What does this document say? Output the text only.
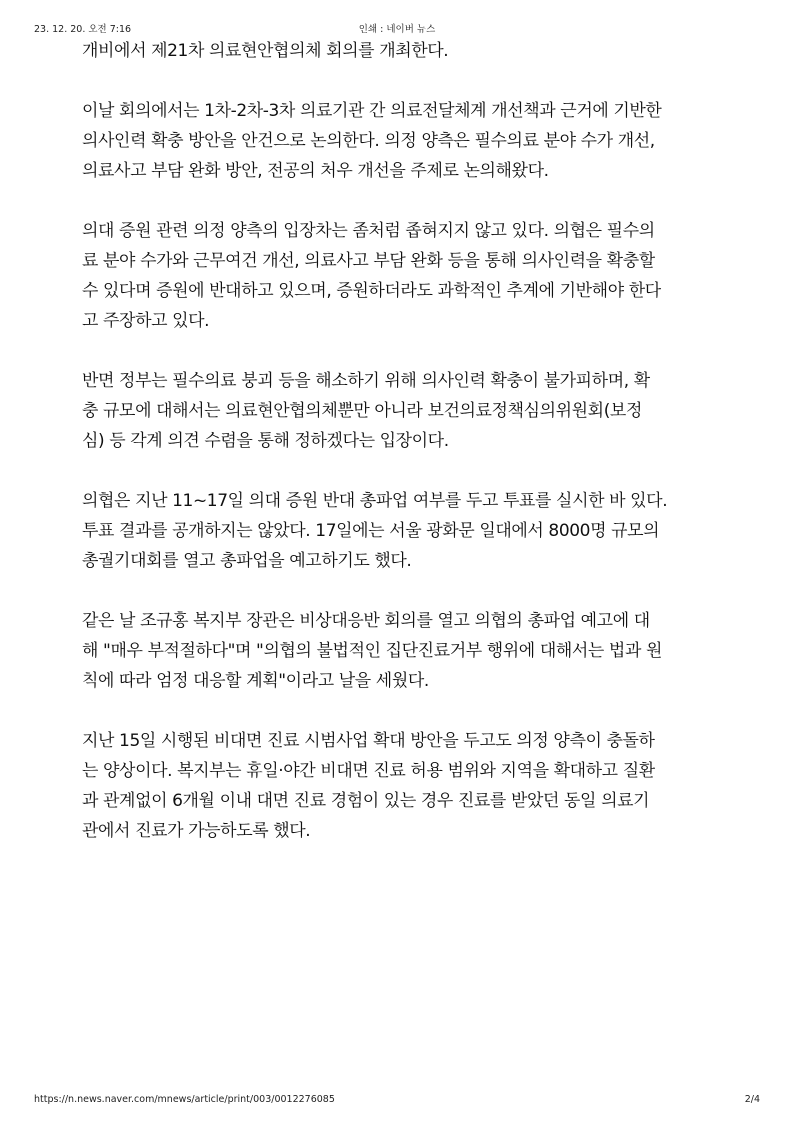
23. 12. 20. 오전 7:16	인쇄 : 네이버 뉴스

개비에서 제21차 의료현안협의체 회의를 개최한다.

이날 회의에서는 1차-2차-3차 의료기관 간 의료전달체계 개선책과 근거에 기반한
의사인력 확충 방안을 안건으로 논의한다. 의정 양측은 필수의료 분야 수가 개선,
의료사고 부담 완화 방안, 전공의 처우 개선을 주제로 논의해왔다.

의대 증원 관련 의정 양측의 입장차는 좀처럼 좁혀지지 않고 있다. 의협은 필수의
료 분야 수가와 근무여건 개선, 의료사고 부담 완화 등을 통해 의사인력을 확충할
수 있다며 증원에 반대하고 있으며, 증원하더라도 과학적인 추계에 기반해야 한다
고 주장하고 있다.

반면 정부는 필수의료 붕괴 등을 해소하기 위해 의사인력 확충이 불가피하며, 확
충 규모에 대해서는 의료현안협의체뿐만 아니라 보건의료정책심의위원회(보정
심) 등 각계 의견 수렴을 통해 정하겠다는 입장이다.

의협은 지난 11~17일 의대 증원 반대 총파업 여부를 두고 투표를 실시한 바 있다.
투표 결과를 공개하지는 않았다. 17일에는 서울 광화문 일대에서 8000명 규모의
총궐기대회를 열고 총파업을 예고하기도 했다.

같은 날 조규홍 복지부 장관은 비상대응반 회의를 열고 의협의 총파업 예고에 대
해 "매우 부적절하다"며 "의협의 불법적인 집단진료거부 행위에 대해서는 법과 원
칙에 따라 엄정 대응할 계획"이라고 날을 세웠다.

지난 15일 시행된 비대면 진료 시범사업 확대 방안을 두고도 의정 양측이 충돌하
는 양상이다. 복지부는 휴일·야간 비대면 진료 허용 범위와 지역을 확대하고 질환
과 관계없이 6개월 이내 대면 진료 경험이 있는 경우 진료를 받았던 동일 의료기
관에서 진료가 가능하도록 했다.

https://n.news.naver.com/mnews/article/print/003/0012276085	2/4
